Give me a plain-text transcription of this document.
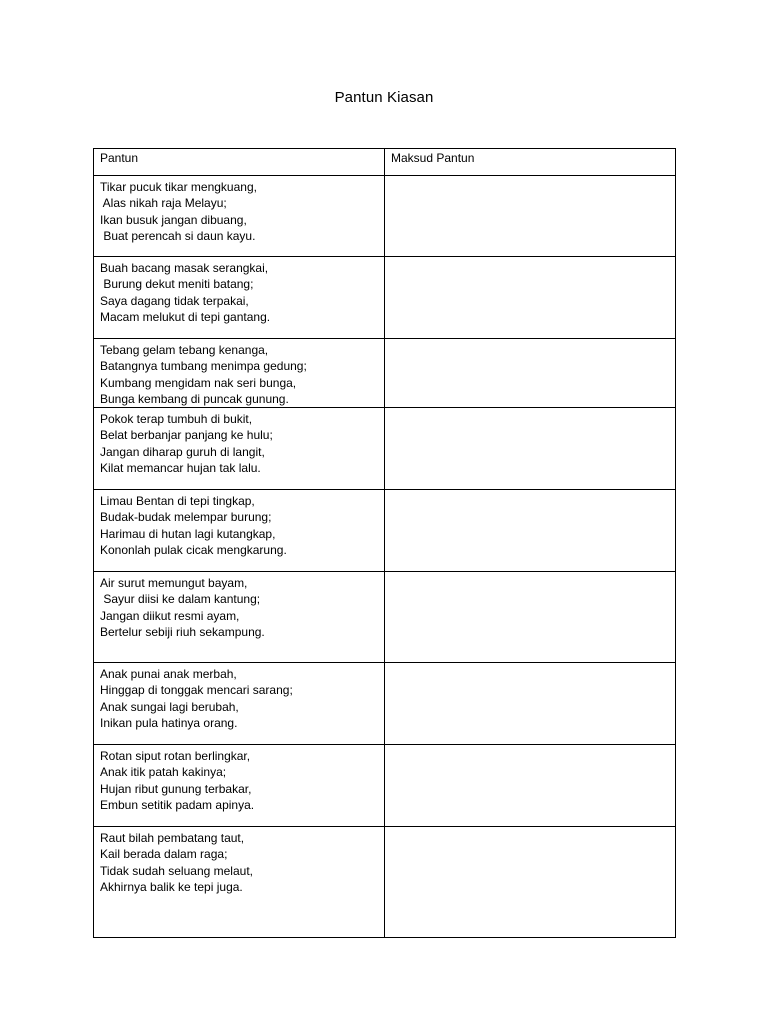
Pantun Kiasan
Pantun	Maksud Pantun

Tikar pucuk tikar mengkuang,
Alas nikah raja Melayu;
Ikan busuk jangan dibuang,
Buat perencah si daun kayu.	

Buah bacang masak serangkai,
Burung dekut meniti batang;
Saya dagang tidak terpakai,
Macam melukut di tepi gantang.	

Tebang gelam tebang kenanga,
Batangnya tumbang menimpa gedung;
Kumbang mengidam nak seri bunga,
Bunga kembang di puncak gunung.	

Pokok terap tumbuh di bukit,
Belat berbanjar panjang ke hulu;
Jangan diharap guruh di langit,
Kilat memancar hujan tak lalu.	

Limau Bentan di tepi tingkap,
Budak-budak melempar burung;
Harimau di hutan lagi kutangkap,
Kononlah pulak cicak mengkarung.	

Air surut memungut bayam,
Sayur diisi ke dalam kantung;
Jangan diikut resmi ayam,
Bertelur sebiji riuh sekampung.	

Anak punai anak merbah,
Hinggap di tonggak mencari sarang;
Anak sungai lagi berubah,
Inikan pula hatinya orang.	

Rotan siput rotan berlingkar,
Anak itik patah kakinya;
Hujan ribut gunung terbakar,
Embun setitik padam apinya.	

Raut bilah pembatang taut,
Kail berada dalam raga;
Tidak sudah seluang melaut,
Akhirnya balik ke tepi juga.	
